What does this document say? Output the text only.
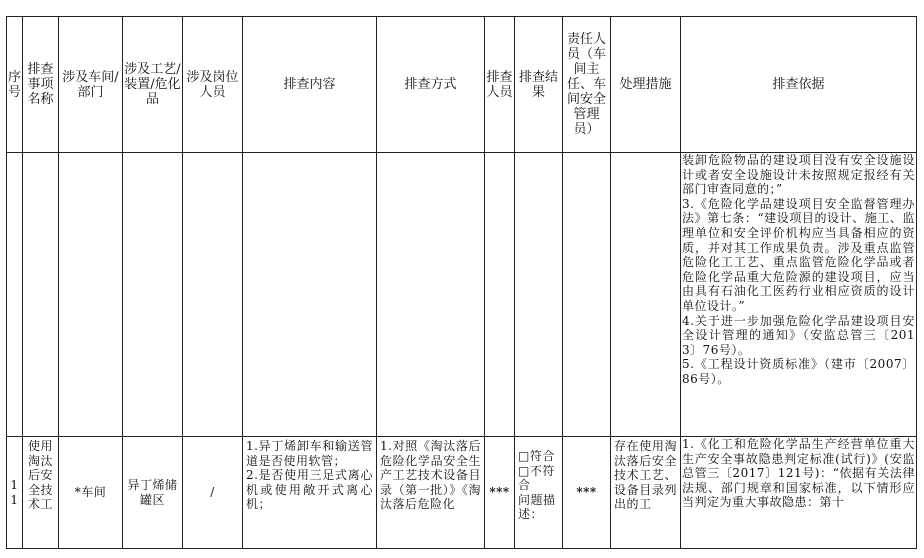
序号	排查事项名称	涉及车间/部门	涉及工艺/装置/危化品	涉及岗位人员	排查内容	排查方式	排查人员	排查结果	责任人员（车间主任、车间安全管理员）	处理措施	排查依据
											装卸危险物品的建设项目没有安全设施设计或者安全设施设计未按照规定报经有关部门审查同意的；”
3.《危险化学品建设项目安全监督管理办法》第七条：“建设项目的设计、施工、监理单位和安全评价机构应当具备相应的资质，并对其工作成果负责。涉及重点监管危险化工工艺、重点监管危险化学品或者危险化学品重大危险源的建设项目，应当由具有石油化工医药行业相应资质的设计单位设计。”
4.关于进一步加强危险化学品建设项目安全设计管理的通知》（安监总管三〔2013〕76号）。
5.《工程设计资质标准》（建市〔2007〕86号）。
11	使用淘汰后安全技术工	*车间	异丁烯储罐区	/	1.异丁烯卸车和输送管道是否使用软管；
2.是否使用三足式离心机或使用敞开式离心机；	1.对照《淘汰落后危险化学品安全生产工艺技术设备目录（第一批）》《淘汰落后危险化	***	□符合
□不符合
问题描述：	***	存在使用淘汰落后安全技术工艺、设备目录列出的工	1.《化工和危险化学品生产经营单位重大生产安全事故隐患判定标准(试行)》(安监总管三〔2017〕121号)：“依据有关法律法规、部门规章和国家标准，以下情形应当判定为重大事故隐患：第十
